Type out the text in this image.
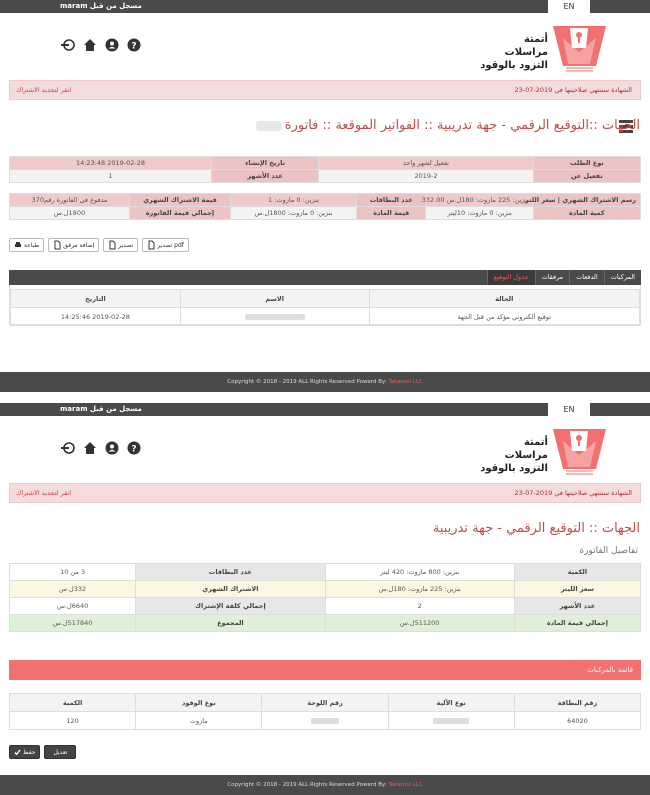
مسجل من قبل maram	EN
?
أتمتة مراسلات
التزود بالوقود
الشهادة ستنتهي صلاحيتها في 2019-07-23
انقر لتجديد الاشتراك
الجهات ::التوقيع الرقمي - جهة تدريبية :: الفواتير الموقعة :: فاتورة
نوع الطلب	تفعيل لشهر واحد	تاريخ الإنشاء	2019-02-28 14:23:48
تفعيل عن	2019-2	عدد الأشهر	1
رسم الاشتراك الشهري | سعر اللتر	بنزين: 225 مازوت: 180ل.س 332.00	عدد البطاقات	بنزين: 0 مازوت: 1	قيمة الاشتراك الشهري	مدفوع في الفاتورة رقم370
كمية المادة	بنزين: 0 مازوت: 10ليتر	قيمة المادة	بنزين: 0 مازوت: 1800ل.س	إجمالي قيمة الفاتورة	1800ل.س
طباعة	إضافة مرفق	تصدير	تصدير pdf
المركبات
الدفعات
مرفقات
جدول التوقيع
الحالة	الاسم	التاريخ
توقيع ألكتروني مؤكد من قبل الجهة		2019-02-28 14:25:46
Copyright © 2018 - 2019 ALL Rights Reserved Powerd By: Takamol LLC
مسجل من قبل maram	EN
?
أتمتة مراسلات
التزود بالوقود
الشهادة ستنتهي صلاحيتها في 2019-07-23
انقر لتجديد الاشتراك
الجهات :: التوقيع الرقمي - جهة تدريبية
تفاصيل الفاتورة
الكمية	بنزين: 800 مازوت: 420 ليتر	عدد البطاقات	3 من 10
سعر الليتر	بنزين: 225 مازوت: 180ل.س	الاشتراك الشهري	332ل.س
عدد الأشهر	2	إجمالي كلفة الإشتراك	6640ل.س
إجمالي قيمة المادة	511200ل.س	المجموع	517840ل.س
قائمة بالمركبات
رقم البطاقة	نوع الآلية	رقم اللوحة	نوع الوقود	الكمية
64020			مازوت	120
حفظ	تعديل
Copyright © 2018 - 2019 ALL Rights Reserved Powerd By: Takamol LLC
